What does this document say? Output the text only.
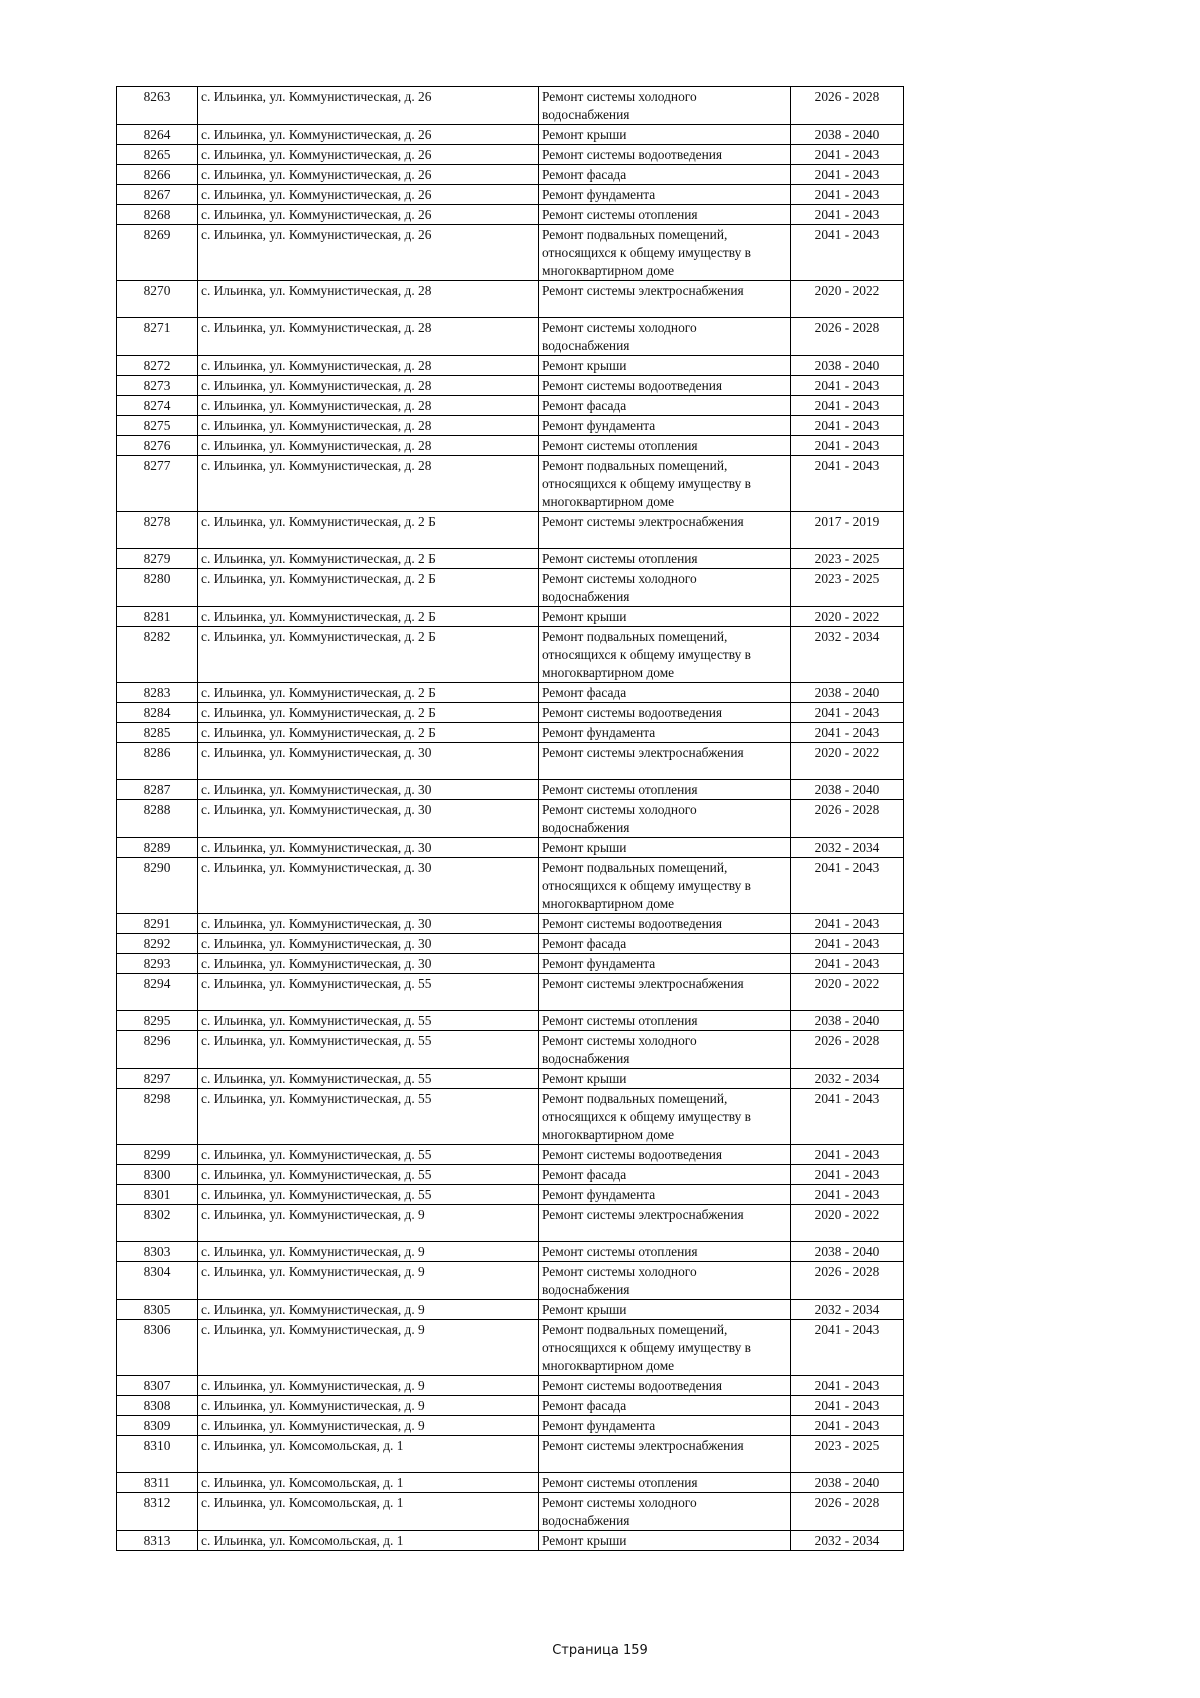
8263	с. Ильинка, ул. Коммунистическая, д. 26	Ремонт системы холодного водоснабжения	2026 - 2028
8264	с. Ильинка, ул. Коммунистическая, д. 26	Ремонт крыши	2038 - 2040
8265	с. Ильинка, ул. Коммунистическая, д. 26	Ремонт системы водоотведения	2041 - 2043
8266	с. Ильинка, ул. Коммунистическая, д. 26	Ремонт фасада	2041 - 2043
8267	с. Ильинка, ул. Коммунистическая, д. 26	Ремонт фундамента	2041 - 2043
8268	с. Ильинка, ул. Коммунистическая, д. 26	Ремонт системы отопления	2041 - 2043
8269	с. Ильинка, ул. Коммунистическая, д. 26	Ремонт подвальных помещений, относящихся к общему имуществу в многоквартирном доме	2041 - 2043
8270	с. Ильинка, ул. Коммунистическая, д. 28	Ремонт системы электроснабжения	2020 - 2022
8271	с. Ильинка, ул. Коммунистическая, д. 28	Ремонт системы холодного водоснабжения	2026 - 2028
8272	с. Ильинка, ул. Коммунистическая, д. 28	Ремонт крыши	2038 - 2040
8273	с. Ильинка, ул. Коммунистическая, д. 28	Ремонт системы водоотведения	2041 - 2043
8274	с. Ильинка, ул. Коммунистическая, д. 28	Ремонт фасада	2041 - 2043
8275	с. Ильинка, ул. Коммунистическая, д. 28	Ремонт фундамента	2041 - 2043
8276	с. Ильинка, ул. Коммунистическая, д. 28	Ремонт системы отопления	2041 - 2043
8277	с. Ильинка, ул. Коммунистическая, д. 28	Ремонт подвальных помещений, относящихся к общему имуществу в многоквартирном доме	2041 - 2043
8278	с. Ильинка, ул. Коммунистическая, д. 2 Б	Ремонт системы электроснабжения	2017 - 2019
8279	с. Ильинка, ул. Коммунистическая, д. 2 Б	Ремонт системы отопления	2023 - 2025
8280	с. Ильинка, ул. Коммунистическая, д. 2 Б	Ремонт системы холодного водоснабжения	2023 - 2025
8281	с. Ильинка, ул. Коммунистическая, д. 2 Б	Ремонт крыши	2020 - 2022
8282	с. Ильинка, ул. Коммунистическая, д. 2 Б	Ремонт подвальных помещений, относящихся к общему имуществу в многоквартирном доме	2032 - 2034
8283	с. Ильинка, ул. Коммунистическая, д. 2 Б	Ремонт фасада	2038 - 2040
8284	с. Ильинка, ул. Коммунистическая, д. 2 Б	Ремонт системы водоотведения	2041 - 2043
8285	с. Ильинка, ул. Коммунистическая, д. 2 Б	Ремонт фундамента	2041 - 2043
8286	с. Ильинка, ул. Коммунистическая, д. 30	Ремонт системы электроснабжения	2020 - 2022
8287	с. Ильинка, ул. Коммунистическая, д. 30	Ремонт системы отопления	2038 - 2040
8288	с. Ильинка, ул. Коммунистическая, д. 30	Ремонт системы холодного водоснабжения	2026 - 2028
8289	с. Ильинка, ул. Коммунистическая, д. 30	Ремонт крыши	2032 - 2034
8290	с. Ильинка, ул. Коммунистическая, д. 30	Ремонт подвальных помещений, относящихся к общему имуществу в многоквартирном доме	2041 - 2043
8291	с. Ильинка, ул. Коммунистическая, д. 30	Ремонт системы водоотведения	2041 - 2043
8292	с. Ильинка, ул. Коммунистическая, д. 30	Ремонт фасада	2041 - 2043
8293	с. Ильинка, ул. Коммунистическая, д. 30	Ремонт фундамента	2041 - 2043
8294	с. Ильинка, ул. Коммунистическая, д. 55	Ремонт системы электроснабжения	2020 - 2022
8295	с. Ильинка, ул. Коммунистическая, д. 55	Ремонт системы отопления	2038 - 2040
8296	с. Ильинка, ул. Коммунистическая, д. 55	Ремонт системы холодного водоснабжения	2026 - 2028
8297	с. Ильинка, ул. Коммунистическая, д. 55	Ремонт крыши	2032 - 2034
8298	с. Ильинка, ул. Коммунистическая, д. 55	Ремонт подвальных помещений, относящихся к общему имуществу в многоквартирном доме	2041 - 2043
8299	с. Ильинка, ул. Коммунистическая, д. 55	Ремонт системы водоотведения	2041 - 2043
8300	с. Ильинка, ул. Коммунистическая, д. 55	Ремонт фасада	2041 - 2043
8301	с. Ильинка, ул. Коммунистическая, д. 55	Ремонт фундамента	2041 - 2043
8302	с. Ильинка, ул. Коммунистическая, д. 9	Ремонт системы электроснабжения	2020 - 2022
8303	с. Ильинка, ул. Коммунистическая, д. 9	Ремонт системы отопления	2038 - 2040
8304	с. Ильинка, ул. Коммунистическая, д. 9	Ремонт системы холодного водоснабжения	2026 - 2028
8305	с. Ильинка, ул. Коммунистическая, д. 9	Ремонт крыши	2032 - 2034
8306	с. Ильинка, ул. Коммунистическая, д. 9	Ремонт подвальных помещений, относящихся к общему имуществу в многоквартирном доме	2041 - 2043
8307	с. Ильинка, ул. Коммунистическая, д. 9	Ремонт системы водоотведения	2041 - 2043
8308	с. Ильинка, ул. Коммунистическая, д. 9	Ремонт фасада	2041 - 2043
8309	с. Ильинка, ул. Коммунистическая, д. 9	Ремонт фундамента	2041 - 2043
8310	с. Ильинка, ул. Комсомольская, д. 1	Ремонт системы электроснабжения	2023 - 2025
8311	с. Ильинка, ул. Комсомольская, д. 1	Ремонт системы отопления	2038 - 2040
8312	с. Ильинка, ул. Комсомольская, д. 1	Ремонт системы холодного водоснабжения	2026 - 2028
8313	с. Ильинка, ул. Комсомольская, д. 1	Ремонт крыши	2032 - 2034
Страница 159
